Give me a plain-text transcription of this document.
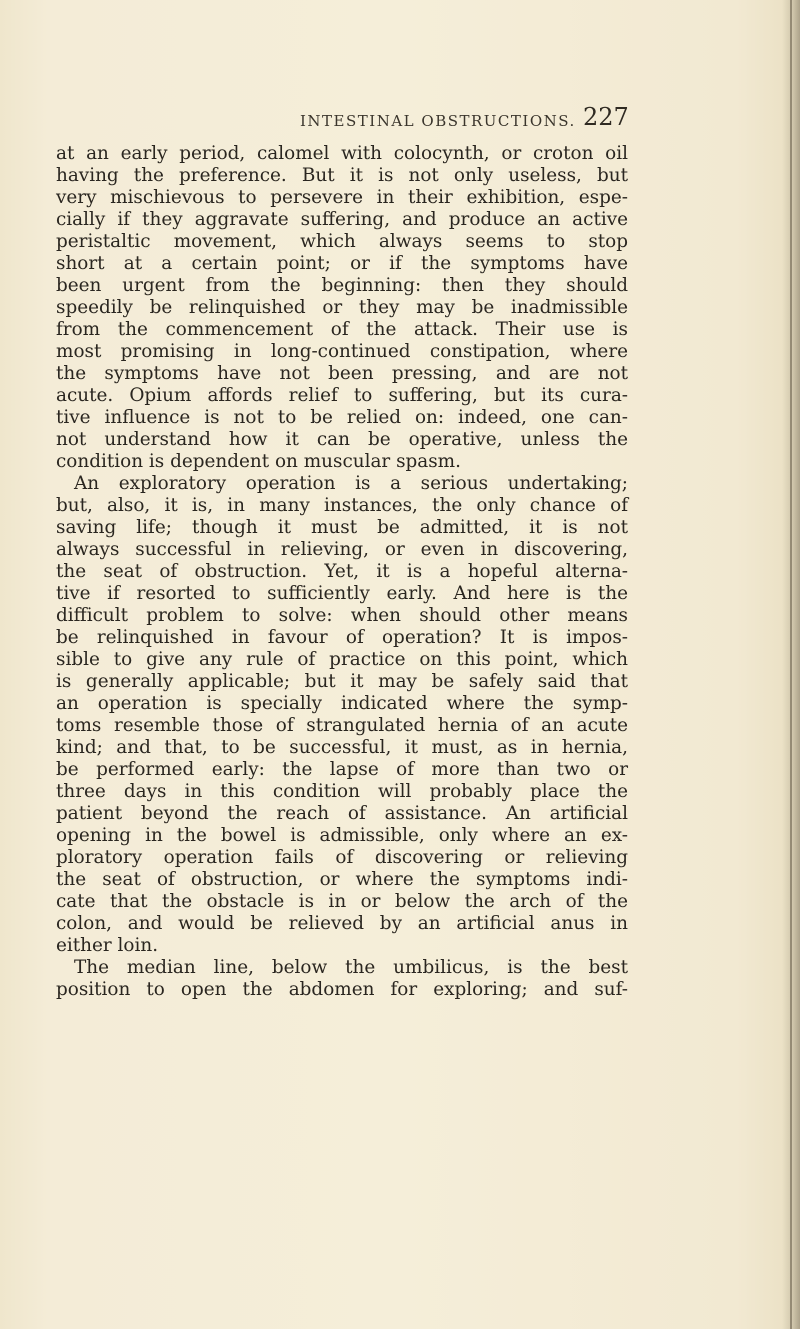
INTESTINAL OBSTRUCTIONS. 227
at an early period, calomel with colocynth, or croton oil
having the preference. But it is not only useless, but
very mischievous to persevere in their exhibition, espe-
cially if they aggravate suffering, and produce an active
peristaltic movement, which always seems to stop
short at a certain point; or if the symptoms have
been urgent from the beginning: then they should
speedily be relinquished or they may be inadmissible
from the commencement of the attack. Their use is
most promising in long-continued constipation, where
the symptoms have not been pressing, and are not
acute. Opium affords relief to suffering, but its cura-
tive influence is not to be relied on: indeed, one can-
not understand how it can be operative, unless the
condition is dependent on muscular spasm.
An exploratory operation is a serious undertaking;
but, also, it is, in many instances, the only chance of
saving life; though it must be admitted, it is not
always successful in relieving, or even in discovering,
the seat of obstruction. Yet, it is a hopeful alterna-
tive if resorted to sufficiently early. And here is the
difficult problem to solve: when should other means
be relinquished in favour of operation? It is impos-
sible to give any rule of practice on this point, which
is generally applicable; but it may be safely said that
an operation is specially indicated where the symp-
toms resemble those of strangulated hernia of an acute
kind; and that, to be successful, it must, as in hernia,
be performed early: the lapse of more than two or
three days in this condition will probably place the
patient beyond the reach of assistance. An artificial
opening in the bowel is admissible, only where an ex-
ploratory operation fails of discovering or relieving
the seat of obstruction, or where the symptoms indi-
cate that the obstacle is in or below the arch of the
colon, and would be relieved by an artificial anus in
either loin.
The median line, below the umbilicus, is the best
position to open the abdomen for exploring; and suf-
